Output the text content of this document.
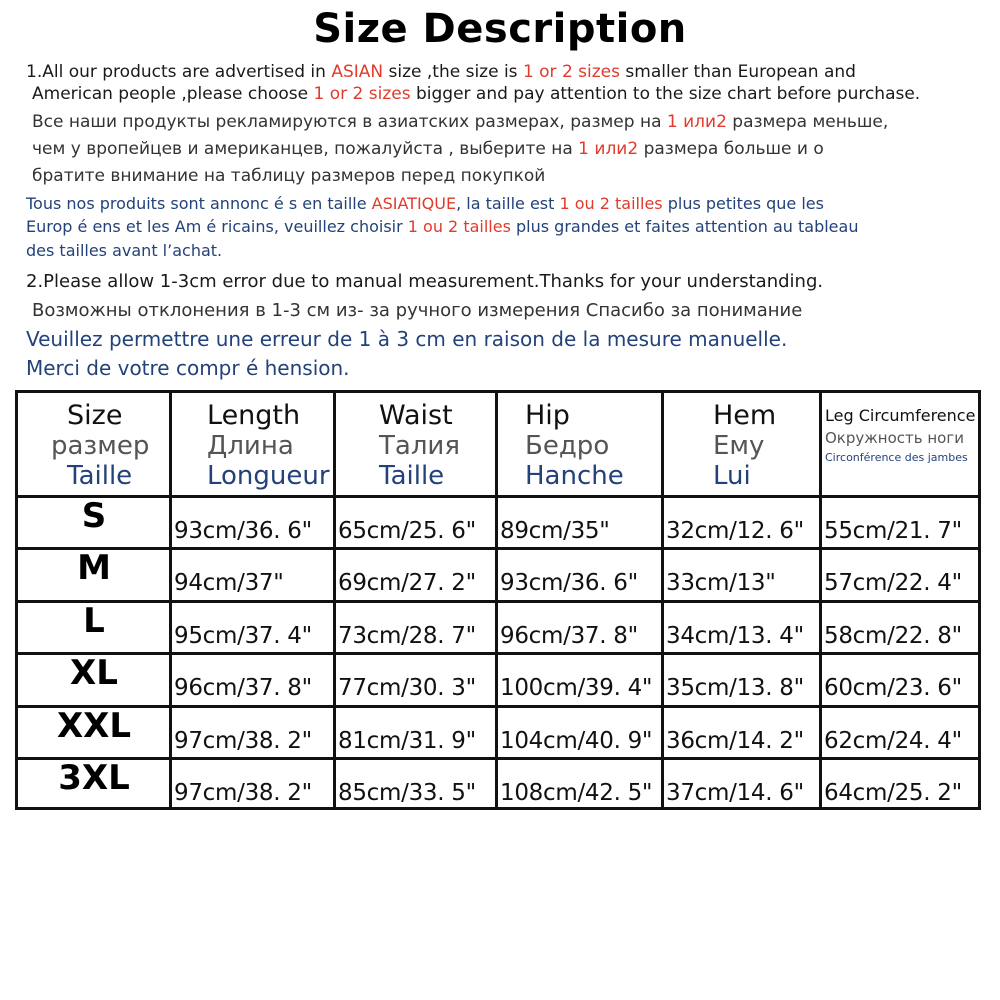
Size Description
1.All our products are advertised in ASIAN size ,the size is 1 or 2 sizes smaller than European and
American people ,please choose 1 or 2 sizes bigger and pay attention to the size chart before purchase.
Все наши продукты рекламируются в азиатских размерах, размер на 1 или2 размера меньше,
чем у вропейцев и американцев, пожалуйста , выберите на 1 или2 размера больше и о
братите внимание на таблицу размеров перед покупкой
Tous nos produits sont annonc é s en taille ASIATIQUE, la taille est 1 ou 2 tailles plus petites que les
Europ é ens et les Am é ricains, veuillez choisir 1 ou 2 tailles plus grandes et faites attention au tableau
des tailles avant l’achat.
2.Please allow 1-3cm error due to manual measurement.Thanks for your understanding.
Возможны отклонения в 1-3 см из- за ручного измерения Спасибо за понимание
Veuillez permettre une erreur de 1 à 3 cm en raison de la mesure manuelle.
Merci de votre compr é hension.
Size
размер
Taille
Length
Длина
Longueur
Waist
Талия
Taille
Hip
Бедро
Hanche
Hem
Ему
Lui
Leg Circumference
Окружность ноги
Circonférence des jambes
S	93cm/36. 6"	65cm/25. 6"	89cm/35"	32cm/12. 6" 55cm/21. 7"
M	94cm/37"	69cm/27. 2"	93cm/36. 6"	33cm/13"	57cm/22. 4"
L	95cm/37. 4"	73cm/28. 7"	96cm/37. 8"	34cm/13. 4" 58cm/22. 8"
XL	96cm/37. 8"	77cm/30. 3"	100cm/39. 4" 35cm/13. 8" 60cm/23. 6"
XXL	97cm/38. 2"	81cm/31. 9"	104cm/40. 9" 36cm/14. 2" 62cm/24. 4"
3XL	97cm/38. 2"	85cm/33. 5"	108cm/42. 5" 37cm/14. 6" 64cm/25. 2"
